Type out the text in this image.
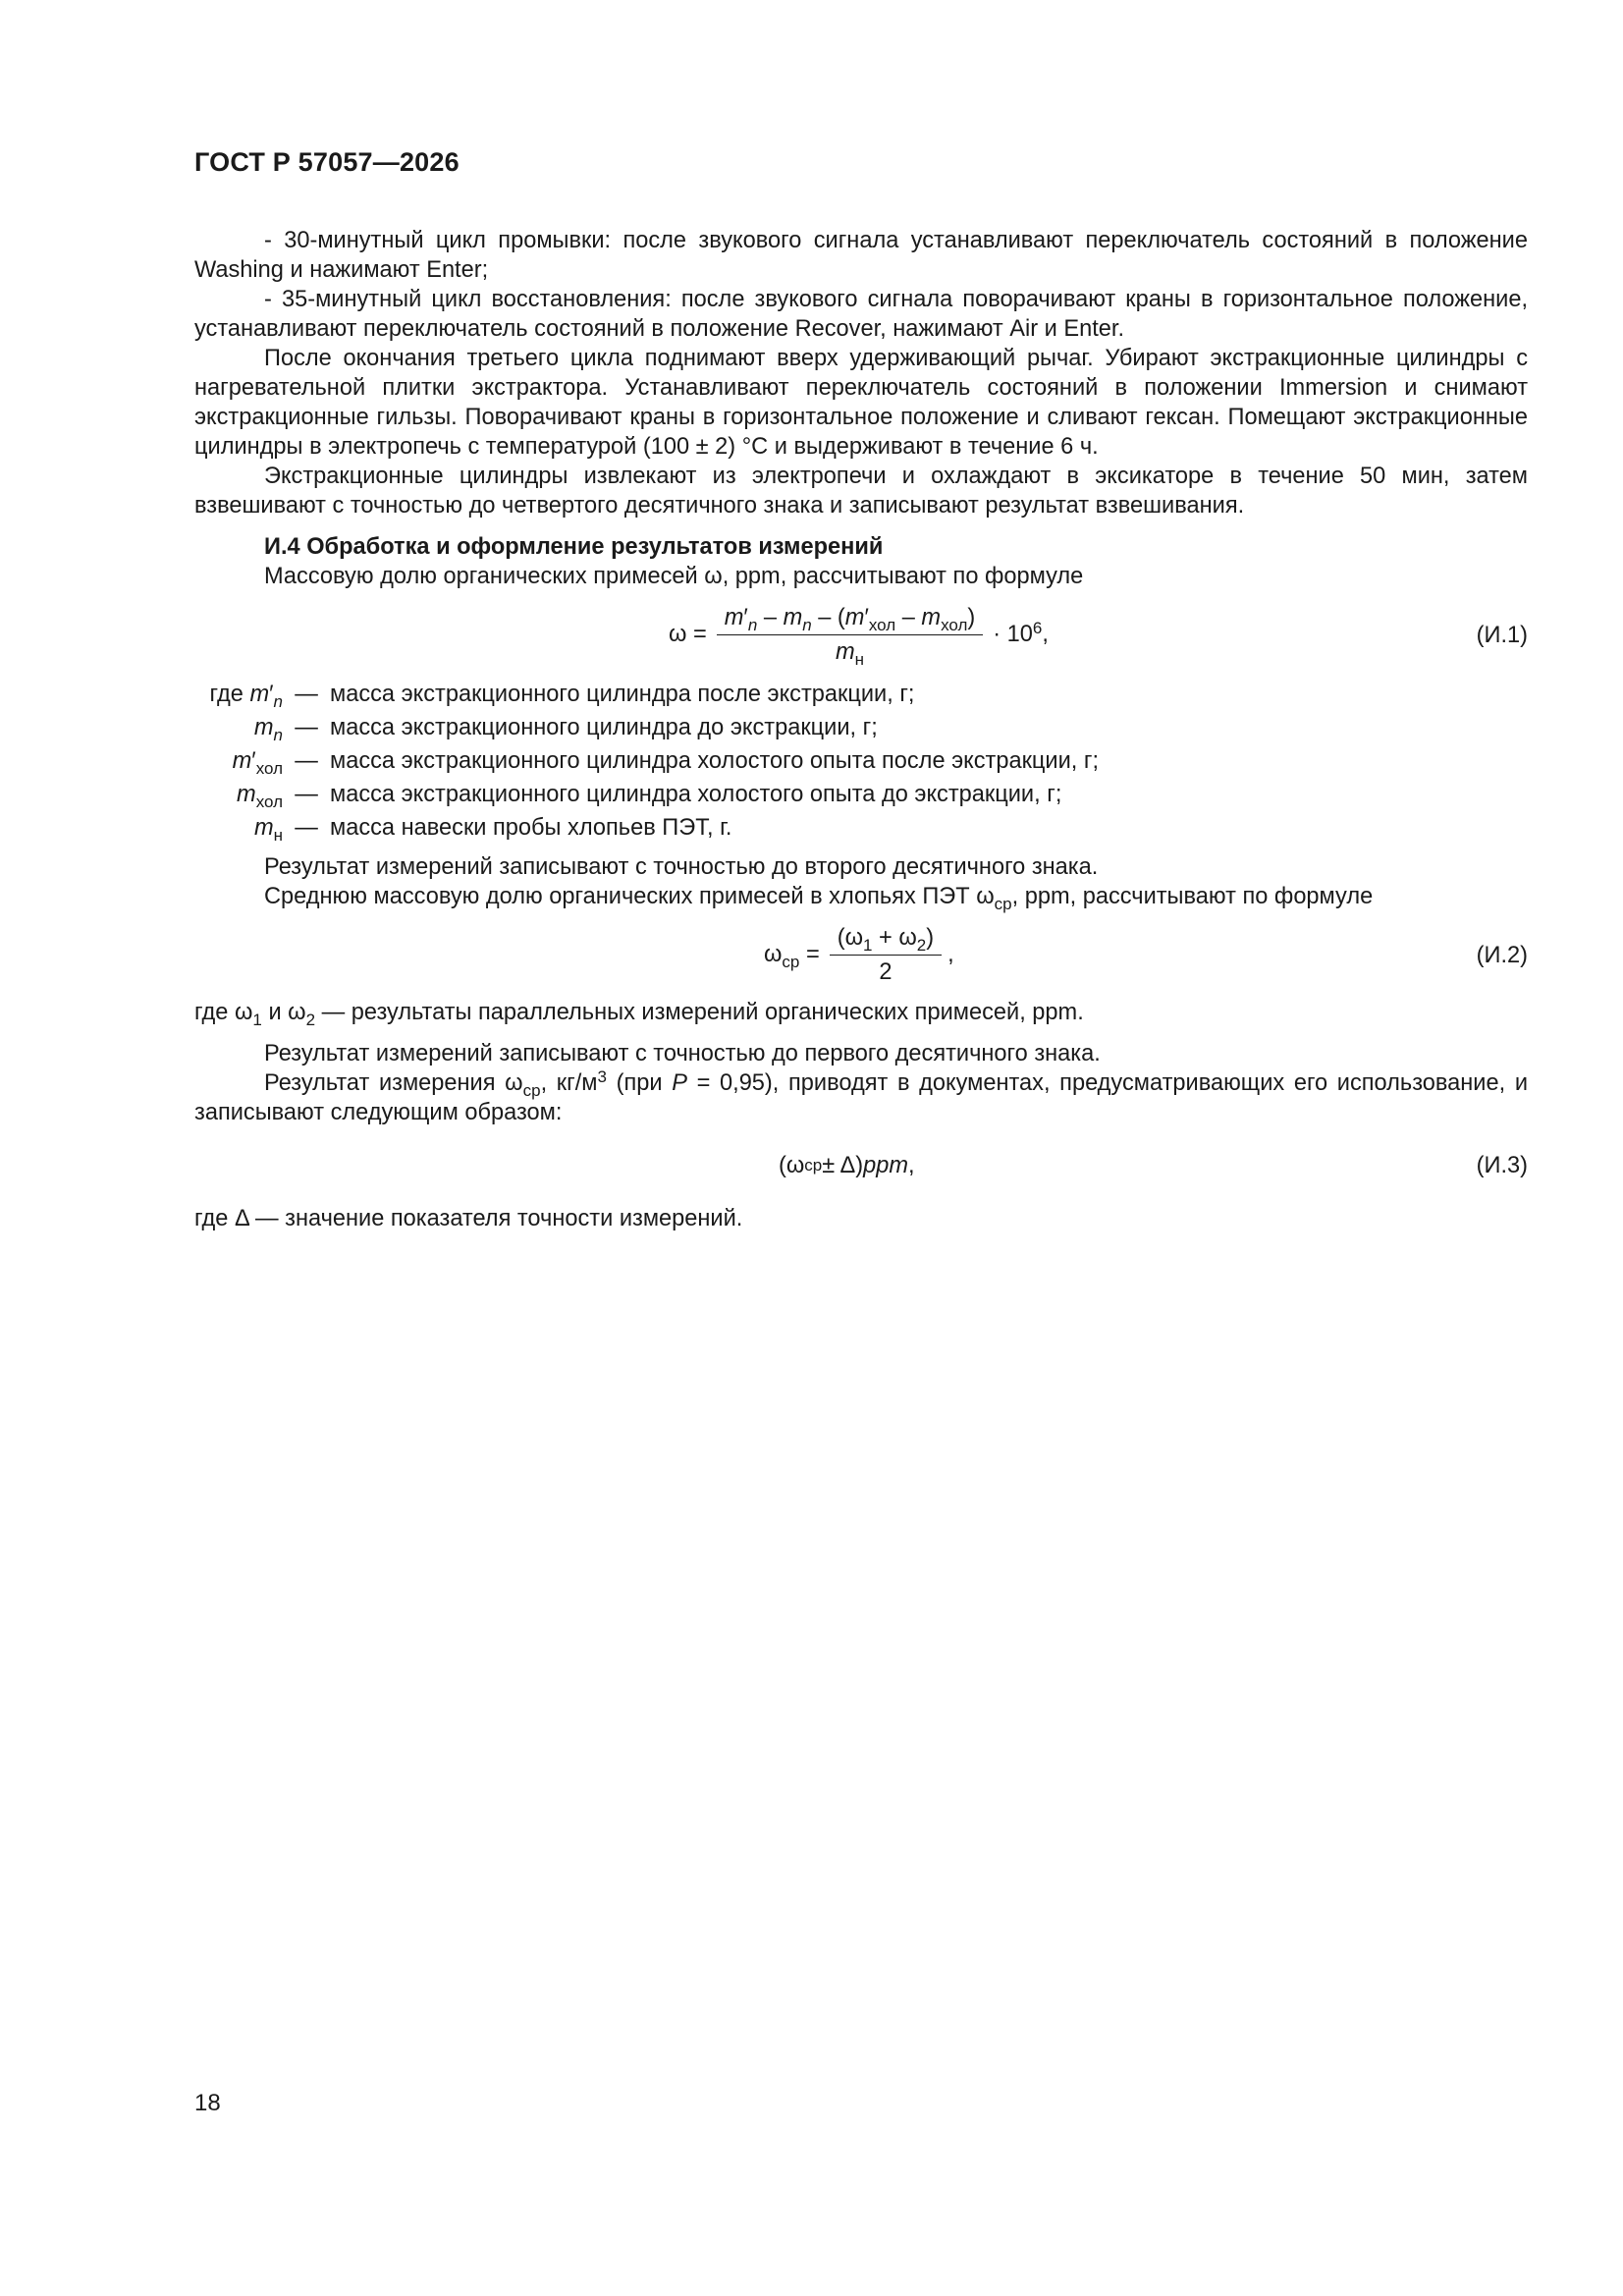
ГОСТ Р 57057—2026

- 30-минутный цикл промывки: после звукового сигнала устанавливают переключатель состояний в положение Washing и нажимают Enter;

- 35-минутный цикл восстановления: после звукового сигнала поворачивают краны в горизонтальное положение, устанавливают переключатель состояний в положение Recover, нажимают Air и Enter.

После окончания третьего цикла поднимают вверх удерживающий рычаг. Убирают экстракционные цилиндры с нагревательной плитки экстрактора. Устанавливают переключатель состояний в положении Immersion и снимают экстракционные гильзы. Поворачивают краны в горизонтальное положение и сливают гексан. Помещают экстракционные цилиндры в электропечь с температурой (100 ± 2) °С и выдерживают в течение 6 ч.

Экстракционные цилиндры извлекают из электропечи и охлаждают в эксикаторе в течение 50 мин, затем взвешивают с точностью до четвертого десятичного знака и записывают результат взвешивания.

И.4 Обработка и оформление результатов измерений

Массовую долю органических примесей ω, ppm, рассчитывают по формуле

$\omega = \frac{m'_n - m_n - (m'_{хол} - m_{хол})}{m_н} \cdot 10^6$,	(И.1)
где $m'_n$ — масса экстракционного цилиндра после экстракции, г;
$m_n$ — масса экстракционного цилиндра до экстракции, г;
$m'_{хол}$ — масса экстракционного цилиндра холостого опыта после экстракции, г;
$m_{хол}$ — масса экстракционного цилиндра холостого опыта до экстракции, г;
$m_н$ — масса навески пробы хлопьев ПЭТ, г.

Результат измерений записывают с точностью до второго десятичного знака.

Среднюю массовую долю органических примесей в хлопьях ПЭТ $\omega_{ср}$, ppm, рассчитывают по формуле

$\omega_{ср} = \frac{(\omega_1 + \omega_2)}{2}$ ,	(И.2)

где $\omega_1$ и $\omega_2$ — результаты параллельных измерений органических примесей, ppm.

Результат измерений записывают с точностью до первого десятичного знака.

Результат измерения $\omega_{ср}$, $кг/м^3$ (при P = 0,95), приводят в документах, предусматривающих его использование, и записывают следующим образом:

(ω ср ± Δ) ppm ,	(И.3)

где Δ — значение показателя точности измерений.

18
